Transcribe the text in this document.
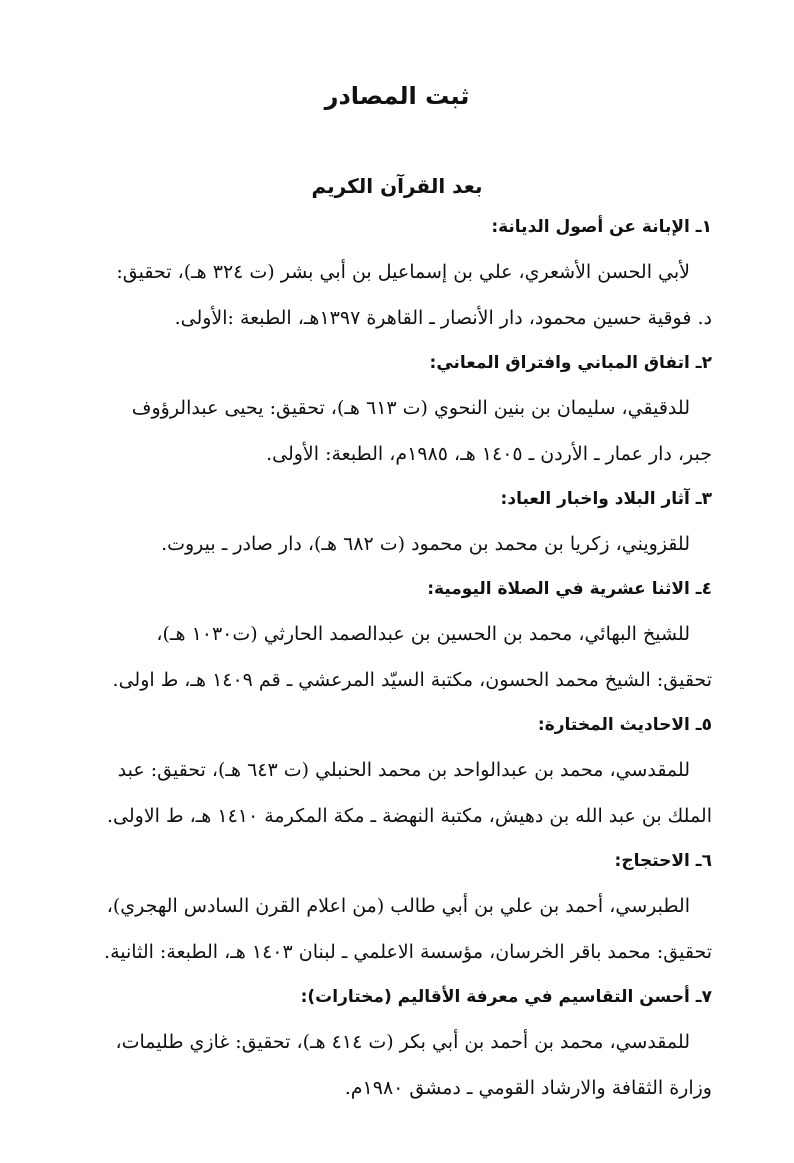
ثبت المصادر
بعد القرآن الكريم
١ـ الإبانة عن أصول الديانة:
لأبي الحسن الأشعري، علي بن إسماعيل بن أبي بشر (ت ٣٢٤ هـ)، تحقيق:
د. فوقية حسين محمود، دار الأنصار ـ القاهرة ١٣٩٧هـ، الطبعة :الأولى.
٢ـ اتفاق المباني وافتراق المعاني:
للدقيقي، سليمان بن بنين النحوي (ت ٦١٣ هـ)، تحقيق: يحيى عبدالرؤوف
جبر، دار عمار ـ الأردن ـ ١٤٠٥ هـ، ١٩٨٥م، الطبعة: الأولى.
٣ـ آثار البلاد واخبار العباد:
للقزويني، زكريا بن محمد بن محمود (ت ٦٨٢ هـ)، دار صادر ـ بيروت.
٤ـ الاثنا عشرية في الصلاة اليومية:
للشيخ البهائي، محمد بن الحسين بن عبدالصمد الحارثي (ت١٠٣٠ هـ)،
تحقيق: الشيخ محمد الحسون، مكتبة السيّد المرعشي ـ قم ١٤٠٩ هـ، ط اولى.
٥ـ الاحاديث المختارة:
للمقدسي، محمد بن عبدالواحد بن محمد الحنبلي (ت ٦٤٣ هـ)، تحقيق: عبد
الملك بن عبد الله بن دهيش، مكتبة النهضة ـ مكة المكرمة ١٤١٠ هـ، ط الاولى.
٦ـ الاحتجاج:
الطبرسي، أحمد بن علي بن أبي طالب (من اعلام القرن السادس الهجري)،
تحقيق: محمد باقر الخرسان، مؤسسة الاعلمي ـ لبنان ١٤٠٣ هـ، الطبعة: الثانية.
٧ـ أحسن التقاسيم في معرفة الأقاليم (مختارات):
للمقدسي، محمد بن أحمد بن أبي بكر (ت ٤١٤ هـ)، تحقيق: غازي طليمات،
وزارة الثقافة والارشاد القومي ـ دمشق ١٩٨٠م.
